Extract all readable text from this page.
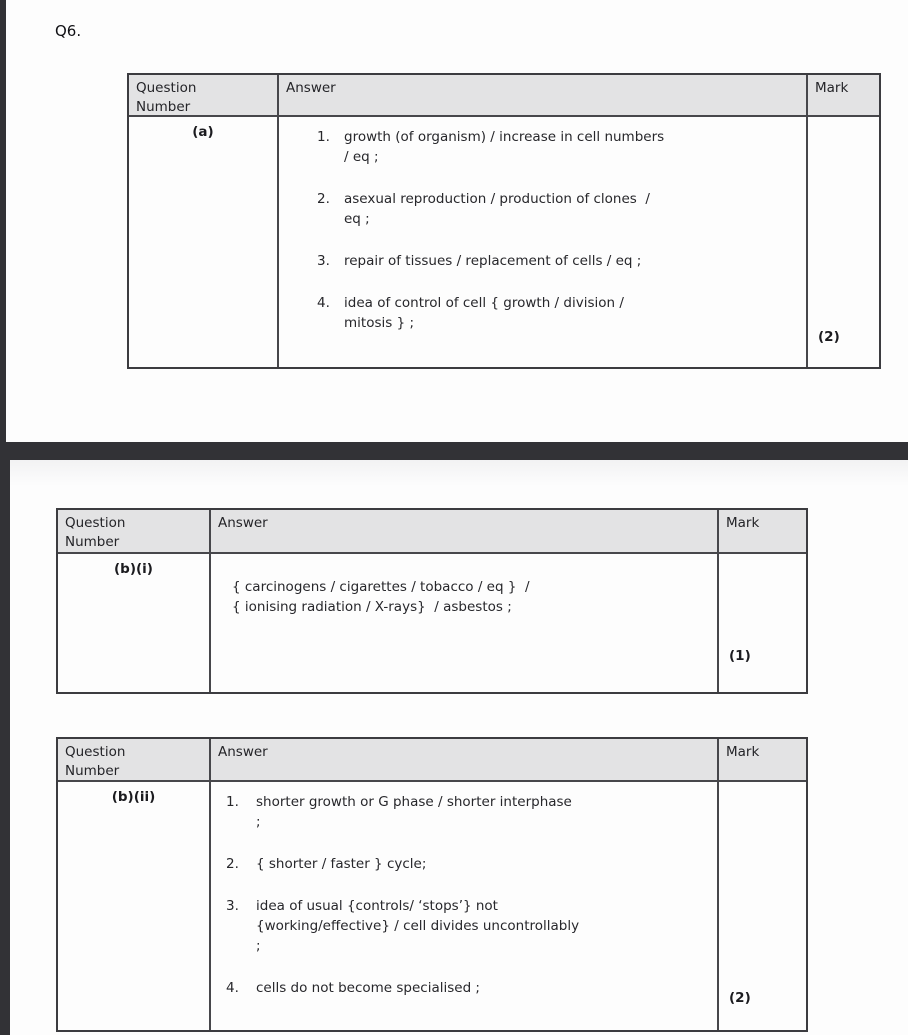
Q6.
Question Number
Answer	Mark
(a)	1.	growth (of organism) / increase in cell numbers
/ eq ;
2.	asexual reproduction / production of clones  /
eq ;
3.	repair of tissues / replacement of cells / eq ;
4.	idea of control of cell { growth / division /
mitosis } ;
(2)
Question Number
Answer	Mark
(b)(i)
{ carcinogens / cigarettes / tobacco / eq }  /
{ ionising radiation / X-rays}  / asbestos ;
(1)
Question Number
Answer	Mark
(b)(ii)	1.	shorter growth or G phase / shorter interphase
;
2.	{ shorter / faster } cycle;
3.	idea of usual {controls/ ‘stops’} not
{working/effective} / cell divides uncontrollably
;
4.	cells do not become specialised ;
(2)
